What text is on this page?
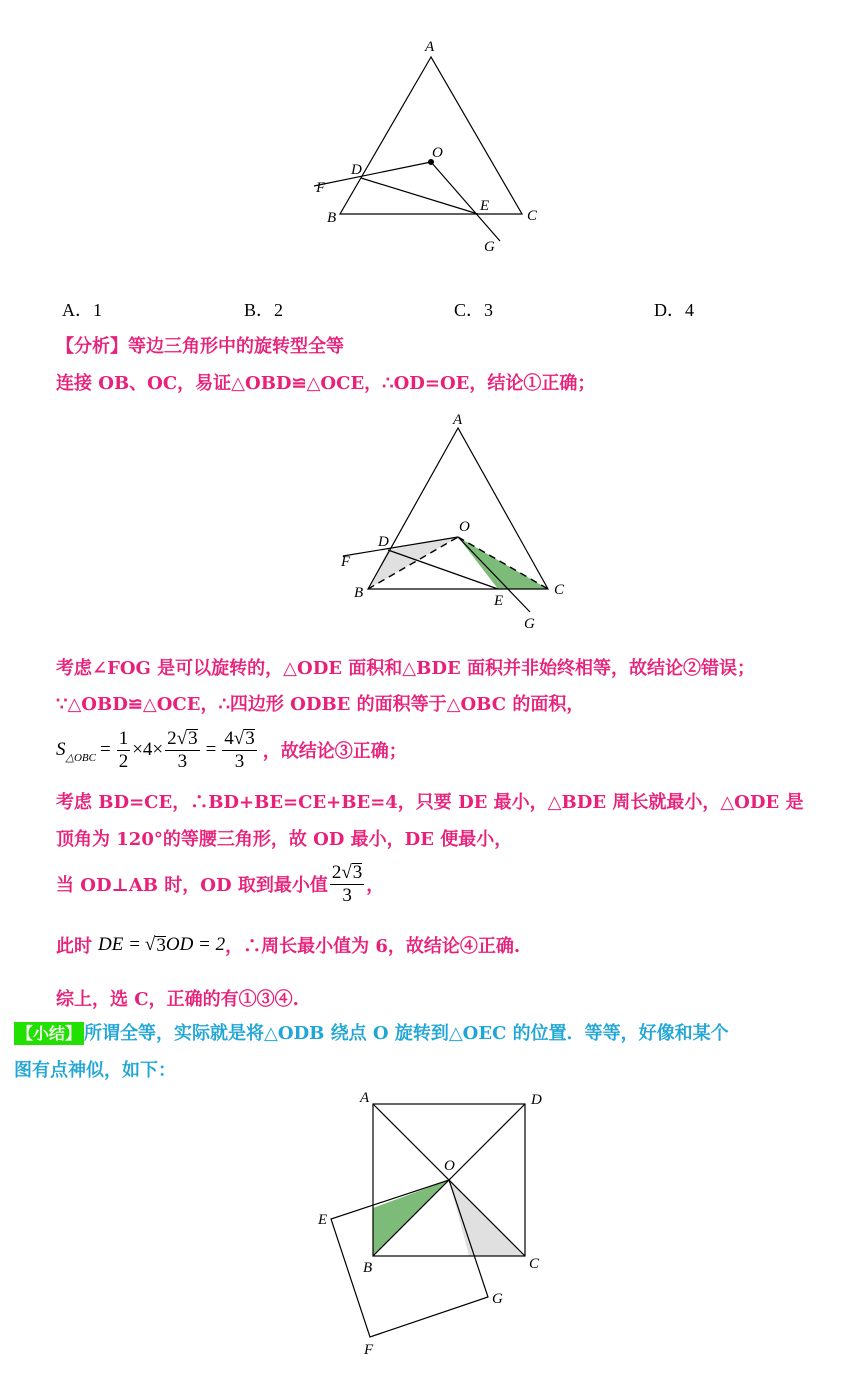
A
O
D
F
B
E
C
G
A．1	B．2	C．3	D．4
【分析】等边三角形中的旋转型全等
连接 OB、OC，易证△OBD≌△OCE，∴OD=OE，结论①正确；
A
O
D
F
B	E
C
G
考虑∠FOG 是可以旋转的，△ODE 面积和△BDE 面积并非始终相等，故结论②错误；
∵△OBD≌△OCE，∴四边形 ODBE 的面积等于△OBC 的面积，
$S_{\triangle OBC} = \frac{1}{2} \times 4 \times \frac{2√3}{3} = \frac{4√3}{3}$ ，故结论③正确；
考虑 BD=CE，∴BD+BE=CE+BE=4，只要 DE 最小，△BDE 周长就最小，△ODE 是
顶角为 120°的等腰三角形，故 OD 最小，DE 便最小，
当 OD⊥AB 时，OD 取到最小值 $\frac{2√3}{3}$ ，
此时 DE = √ 3 OD = 2 ，∴周长最小值为 6，故结论④正确.
综上，选 C，正确的有①③④.
【小结】 所谓全等，实际就是将△ODB 绕点 O 旋转到△OEC 的位置．等等，好像和某个
图有点神似，如下：
A	D
O
E
B	C
G
F
